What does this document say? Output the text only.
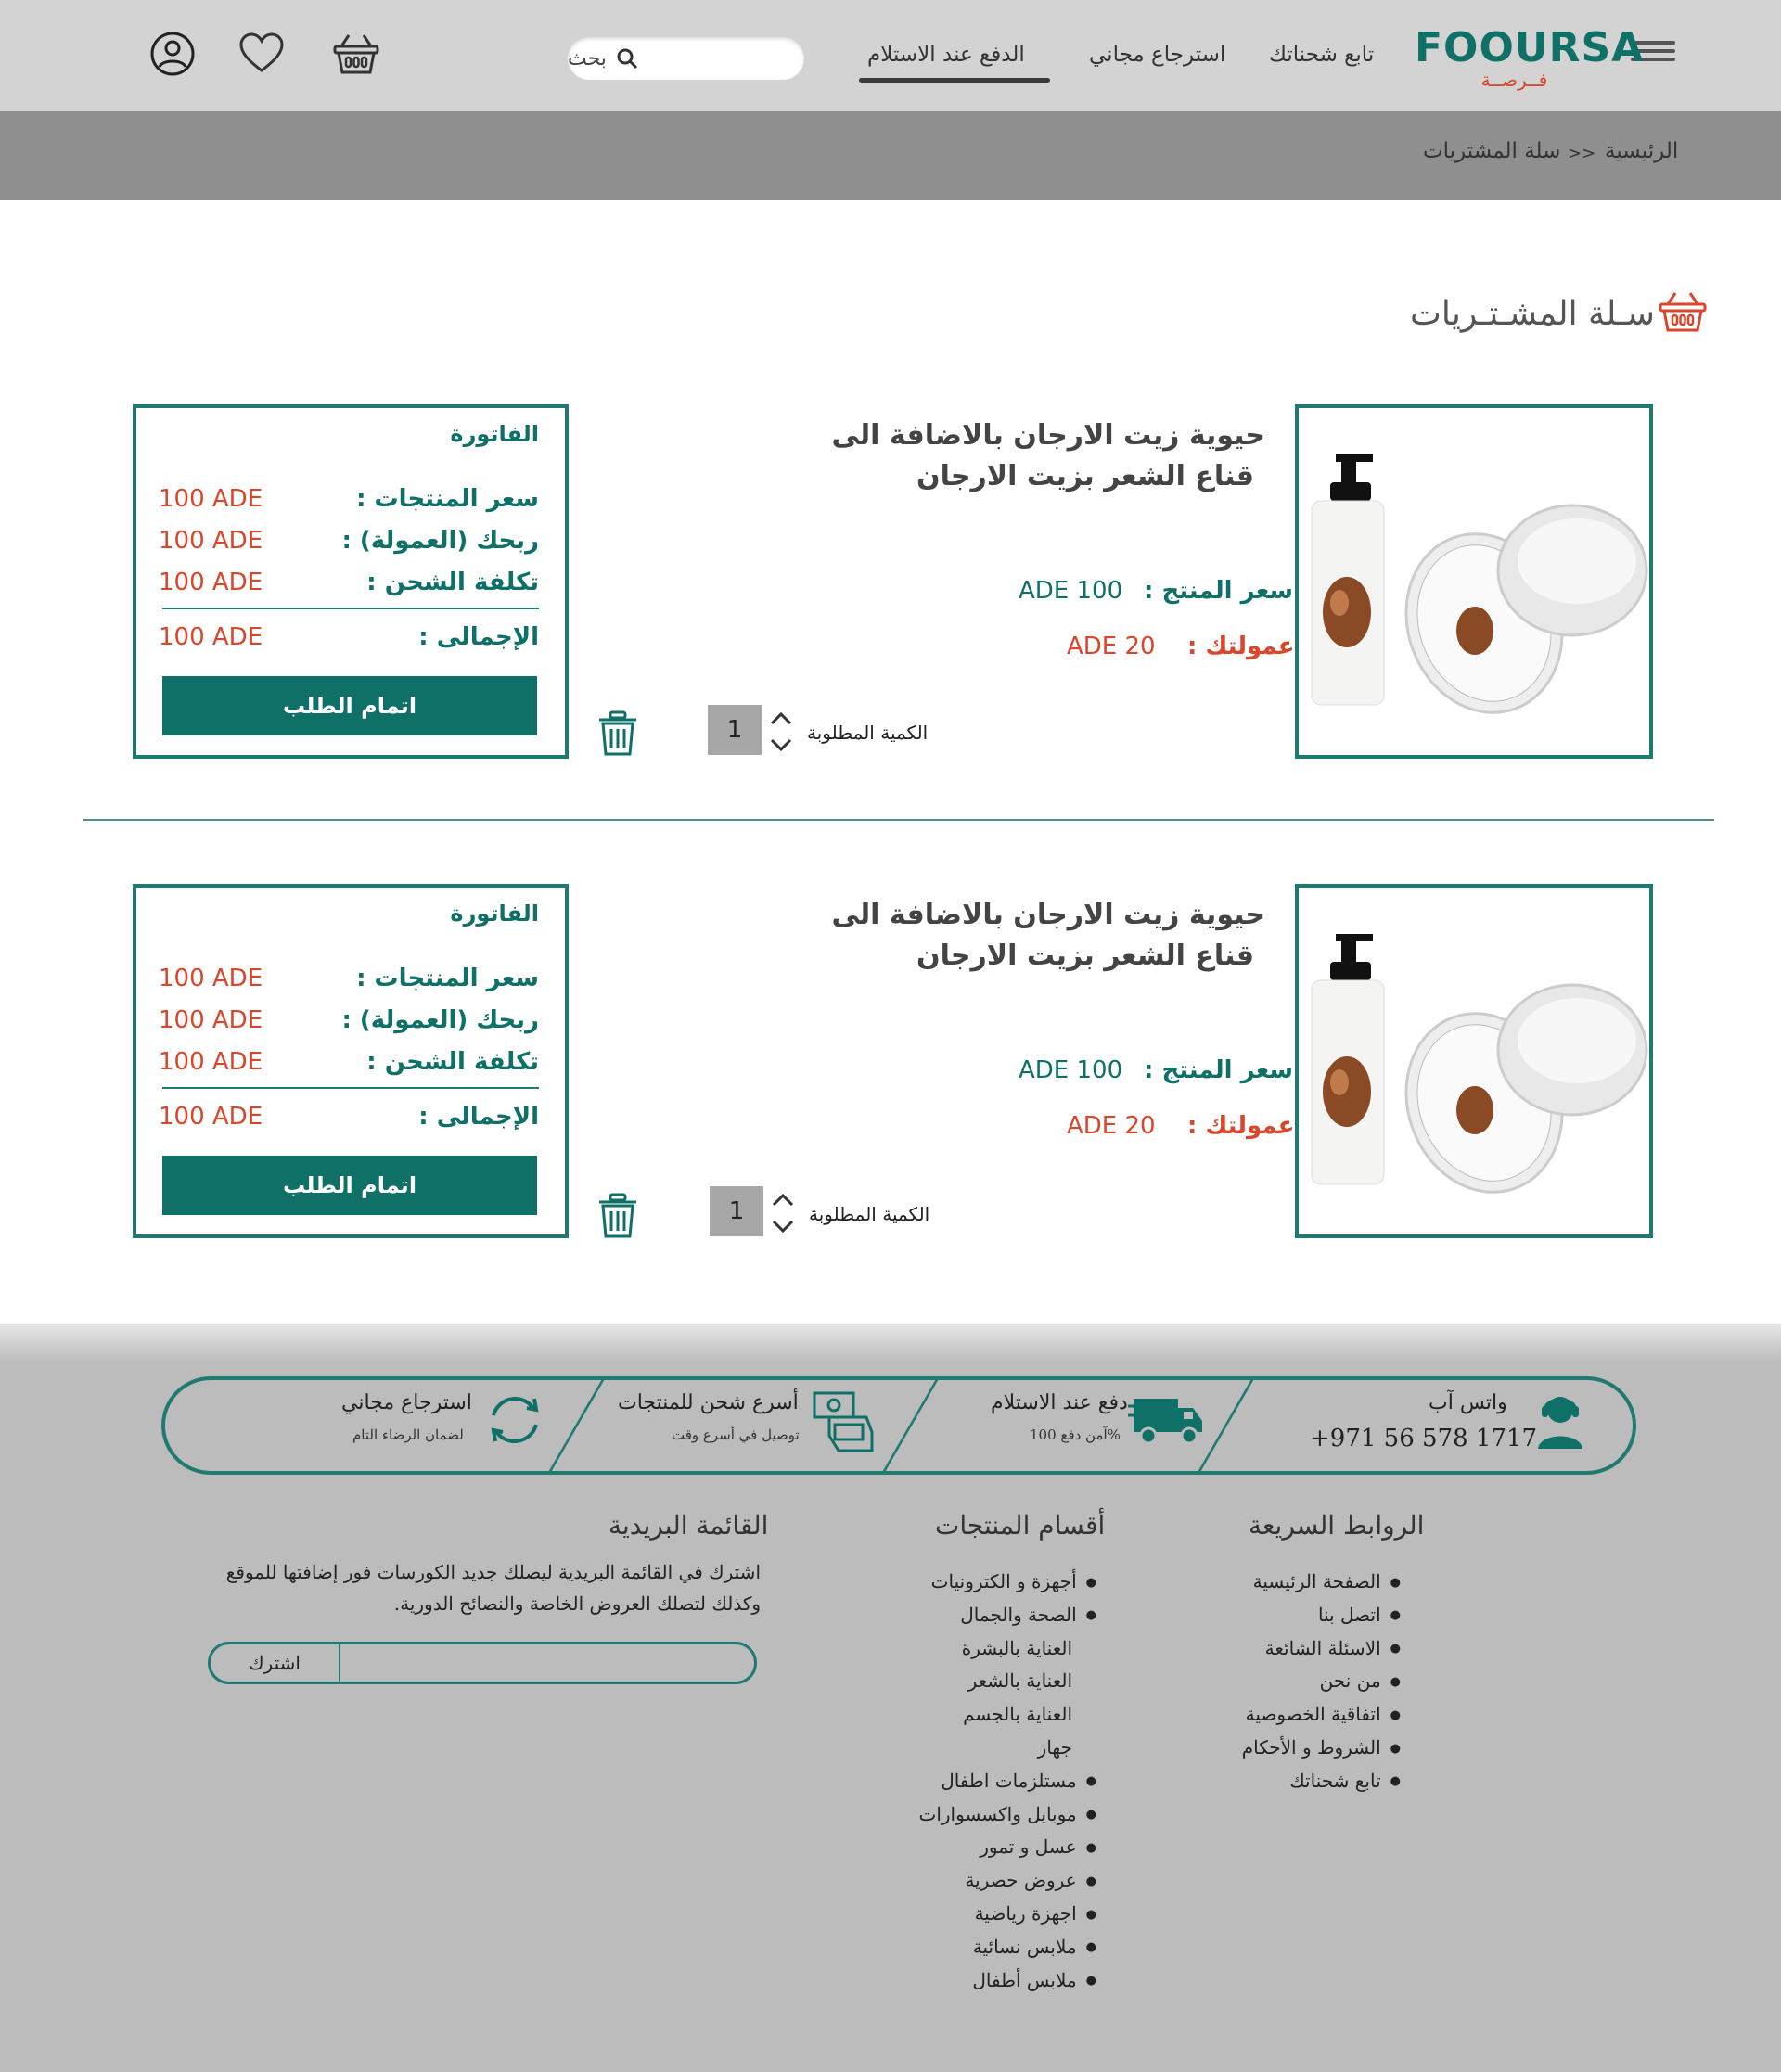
FOOURSA
فــرصــة
تابع شحناتك
استرجاع مجاني
الدفع عند الاستلام
بحث
الرئيسية
>>
سلة المشتريات
سـلة المشـتـريات
حيوية زيت الارجان بالاضافة الى
قناع الشعر بزيت الارجان
سعر المنتج :
100 ADE
عمولتك :
20 ADE
الكمية المطلوبة
1
الفاتورة
سعر المنتجات :
100 ADE
ربحك (العمولة) :
100 ADE
تكلفة الشحن :
100 ADE
الإجمالى :
100 ADE
اتمام الطلب
حيوية زيت الارجان بالاضافة الى
قناع الشعر بزيت الارجان
سعر المنتج :
100 ADE
عمولتك :
20 ADE
الكمية المطلوبة
1
الفاتورة
سعر المنتجات :
100 ADE
ربحك (العمولة) :
100 ADE
تكلفة الشحن :
100 ADE
الإجمالى :
100 ADE
اتمام الطلب
واتس آب
+971 56 578 1717
دفع عند الاستلام
آمن دفع 100%
أسرع شحن للمنتجات
توصيل في أسرع وقت
استرجاع مجاني
لضمان الرضاء التام
الروابط السريعة
● الصفحة الرئيسية
● اتصل بنا
● الاسئلة الشائعة
● من نحن
● اتفاقية الخصوصية
● الشروط و الأحكام
● تابع شحناتك
أقسام المنتجات
● أجهزة و الكترونيات
● الصحة والجمال
العناية بالبشرة
العناية بالشعر
العناية بالجسم
جهاز
● مستلزمات اطفال
● موبايل واكسسوارات
● عسل و تمور
● عروض حصرية
● اجهزة رياضية
● ملابس نسائية
● ملابس أطفال
القائمة البريدية
اشترك في القائمة البريدية ليصلك جديد الكورسات فور إضافتها للموقع وكذلك لتصلك العروض الخاصة والنصائح الدورية.
اشترك
